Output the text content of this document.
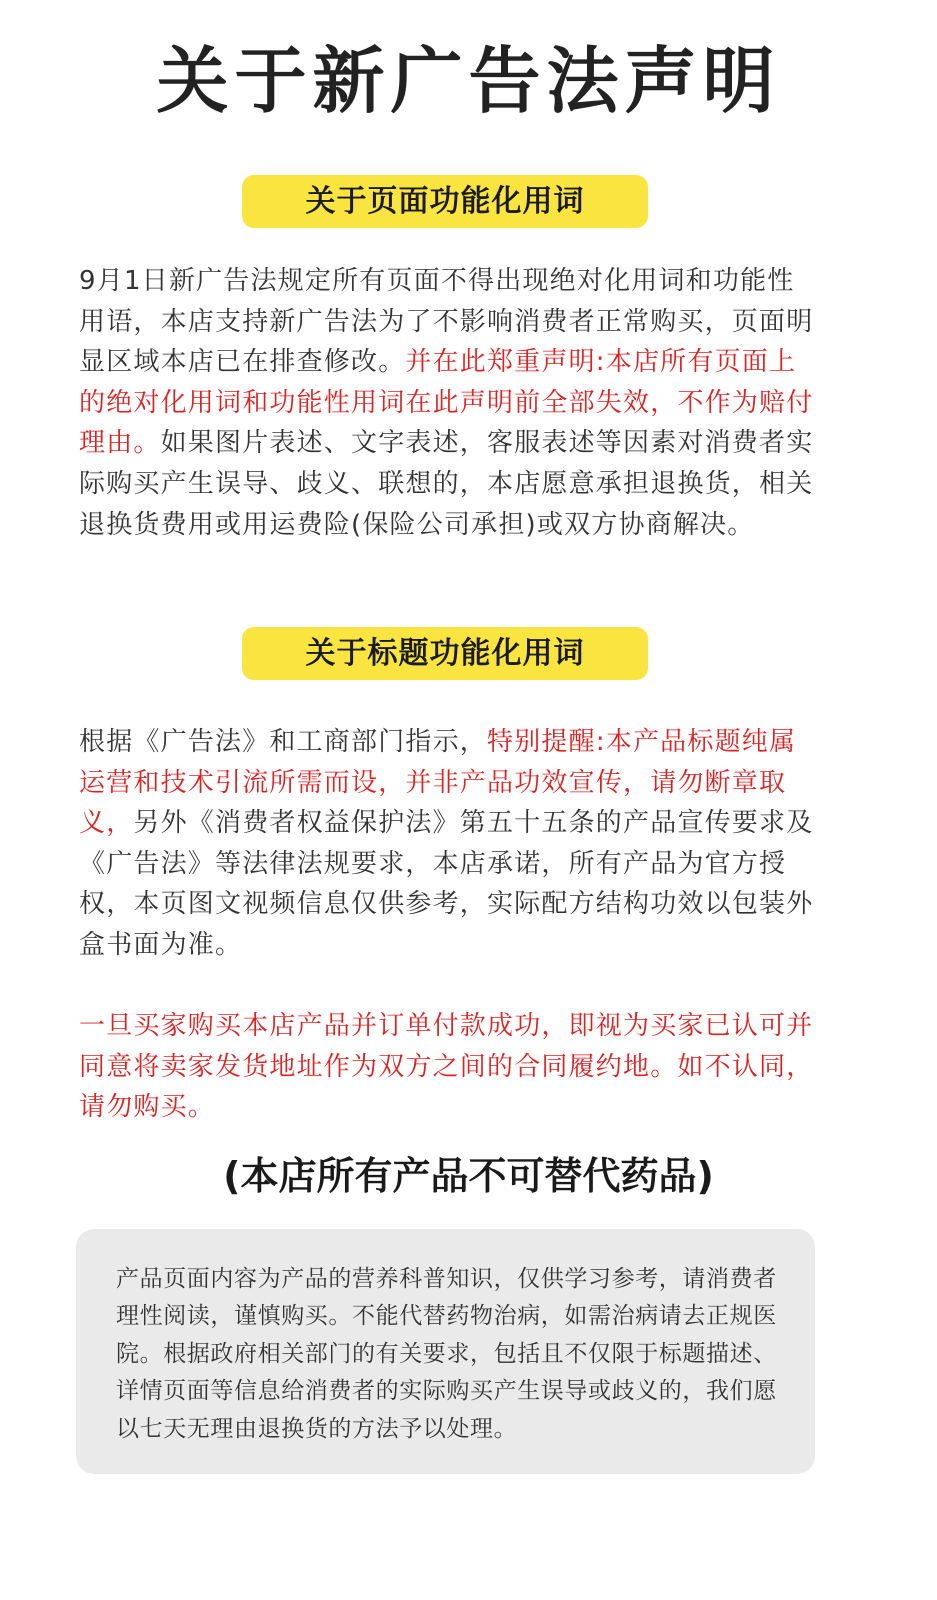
关于新广告法声明
关于页面功能化用词

9月1日新广告法规定所有页面不得出现绝对化用词和功能性用语，本店支持新广告法为了不影响消费者正常购买，页面明显区域本店已在排查修改。并在此郑重声明:本店所有页面上的绝对化用词和功能性用词在此声明前全部失效，不作为赔付理由。如果图片表述、文字表述，客服表述等因素对消费者实际购买产生误导、歧义、联想的，本店愿意承担退换货，相关退换货费用或用运费险(保险公司承担)或双方协商解决。

关于标题功能化用词

根据《广告法》和工商部门指示，特别提醒:本产品标题纯属运营和技术引流所需而设，并非产品功效宣传，请勿断章取义，另外《消费者权益保护法》第五十五条的产品宣传要求及《广告法》等法律法规要求，本店承诺，所有产品为官方授权，本页图文视频信息仅供参考，实际配方结构功效以包装外盒书面为准。

一旦买家购买本店产品并订单付款成功，即视为买家已认可并同意将卖家发货地址作为双方之间的合同履约地。如不认同，请勿购买。

(本店所有产品不可替代药品)

产品页面内容为产品的营养科普知识，仅供学习参考，请消费者理性阅读，谨慎购买。不能代替药物治病，如需治病请去正规医院。根据政府相关部门的有关要求，包括且不仅限于标题描述、详情页面等信息给消费者的实际购买产生误导或歧义的，我们愿以七天无理由退换货的方法予以处理。
